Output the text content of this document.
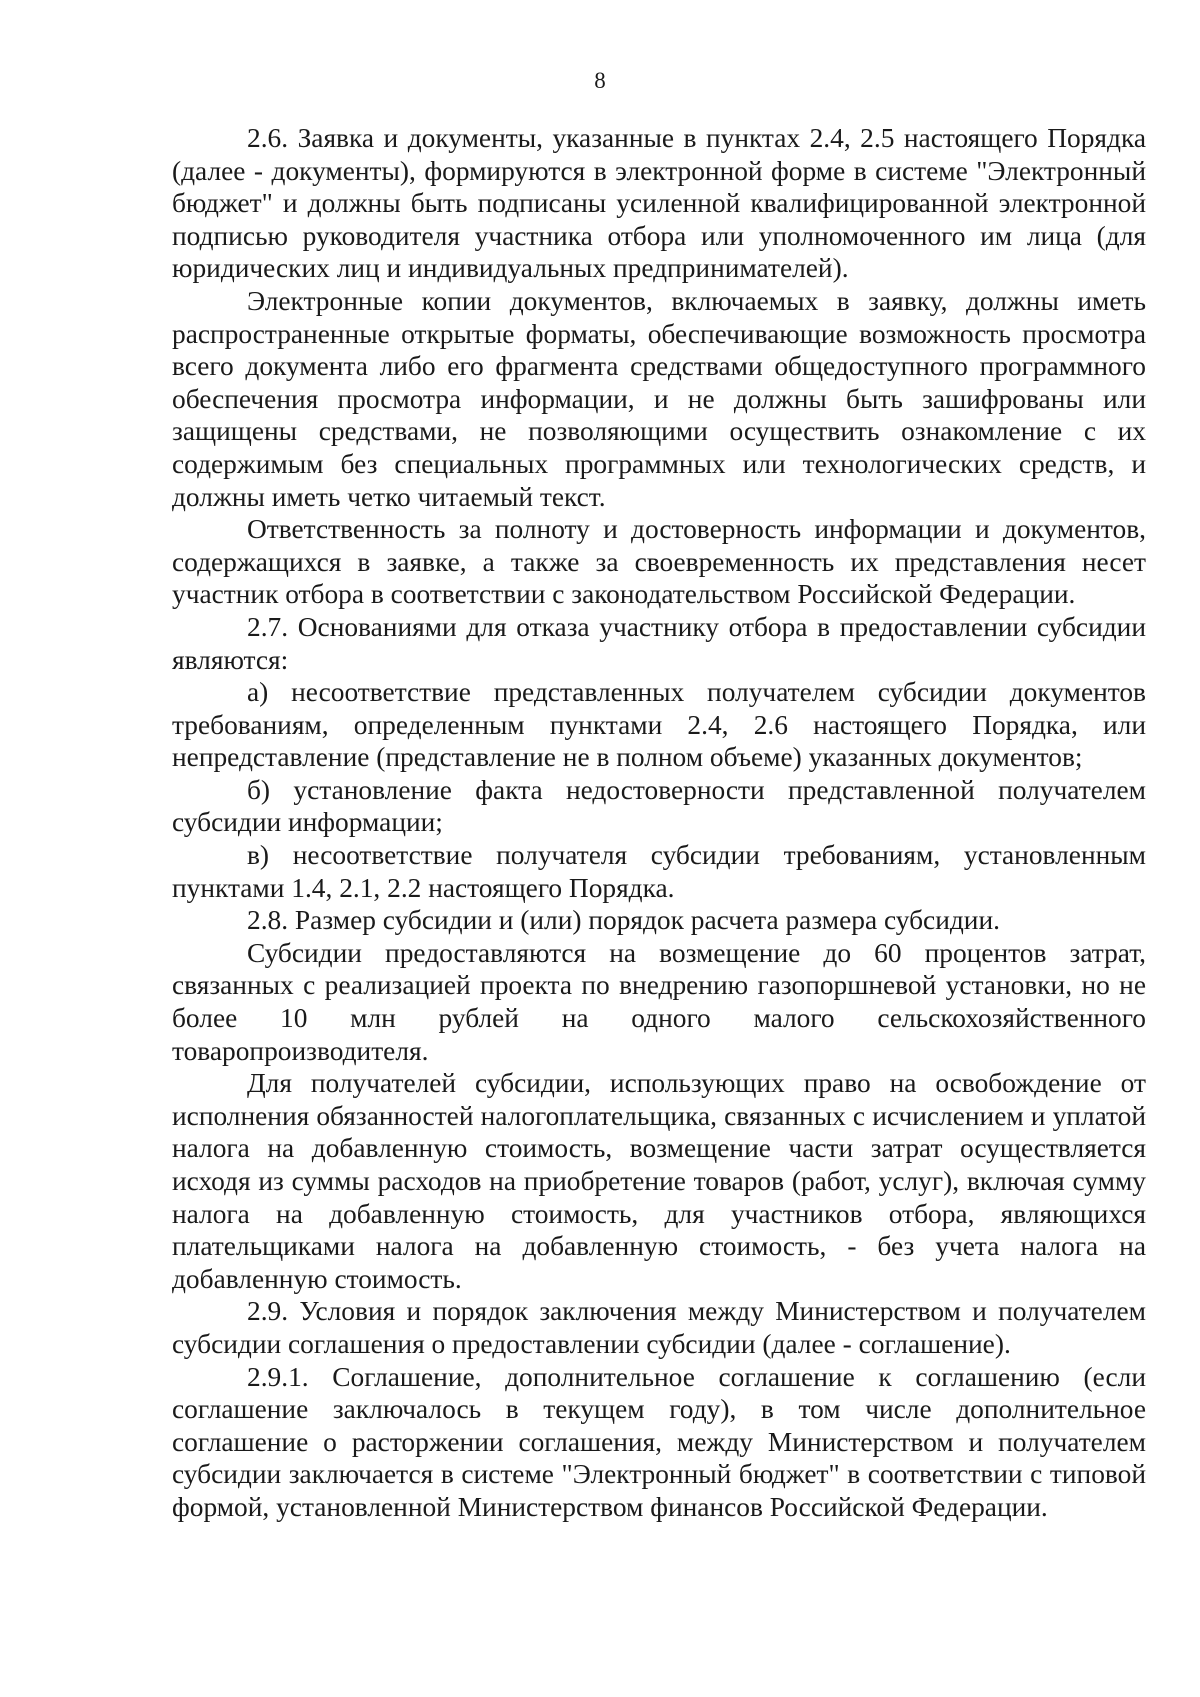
8

2.6. Заявка и документы, указанные в пунктах 2.4, 2.5 настоящего Порядка (далее - документы), формируются в электронной форме в системе "Электронный бюджет" и должны быть подписаны усиленной квалифицированной электронной подписью руководителя участника отбора или уполномоченного им лица (для юридических лиц и индивидуальных предпринимателей).

Электронные копии документов, включаемых в заявку, должны иметь распространенные открытые форматы, обеспечивающие возможность просмотра всего документа либо его фрагмента средствами общедоступного программного обеспечения просмотра информации, и не должны быть зашифрованы или защищены средствами, не позволяющими осуществить ознакомление с их содержимым без специальных программных или технологических средств, и должны иметь четко читаемый текст.

Ответственность за полноту и достоверность информации и документов, содержащихся в заявке, а также за своевременность их представления несет участник отбора в соответствии с законодательством Российской Федерации.

2.7. Основаниями для отказа участнику отбора в предоставлении субсидии являются:

а) несоответствие представленных получателем субсидии документов требованиям, определенным пунктами 2.4, 2.6 настоящего Порядка, или непредставление (представление не в полном объеме) указанных документов;

б) установление факта недостоверности представленной получателем субсидии информации;

в) несоответствие получателя субсидии требованиям, установленным пунктами 1.4, 2.1, 2.2 настоящего Порядка.

2.8. Размер субсидии и (или) порядок расчета размера субсидии.

Субсидии предоставляются на возмещение до 60 процентов затрат, связанных с реализацией проекта по внедрению газопоршневой установки, но не более 10 млн рублей на одного малого сельскохозяйственного товаропроизводителя.

Для получателей субсидии, использующих право на освобождение от исполнения обязанностей налогоплательщика, связанных с исчислением и уплатой налога на добавленную стоимость, возмещение части затрат осуществляется исходя из суммы расходов на приобретение товаров (работ, услуг), включая сумму налога на добавленную стоимость, для участников отбора, являющихся плательщиками налога на добавленную стоимость, - без учета налога на добавленную стоимость.

2.9. Условия и порядок заключения между Министерством и получателем субсидии соглашения о предоставлении субсидии (далее - соглашение).

2.9.1. Соглашение, дополнительное соглашение к соглашению (если соглашение заключалось в текущем году), в том числе дополнительное соглашение о расторжении соглашения, между Министерством и получателем субсидии заключается в системе "Электронный бюджет" в соответствии с типовой формой, установленной Министерством финансов Российской Федерации.
